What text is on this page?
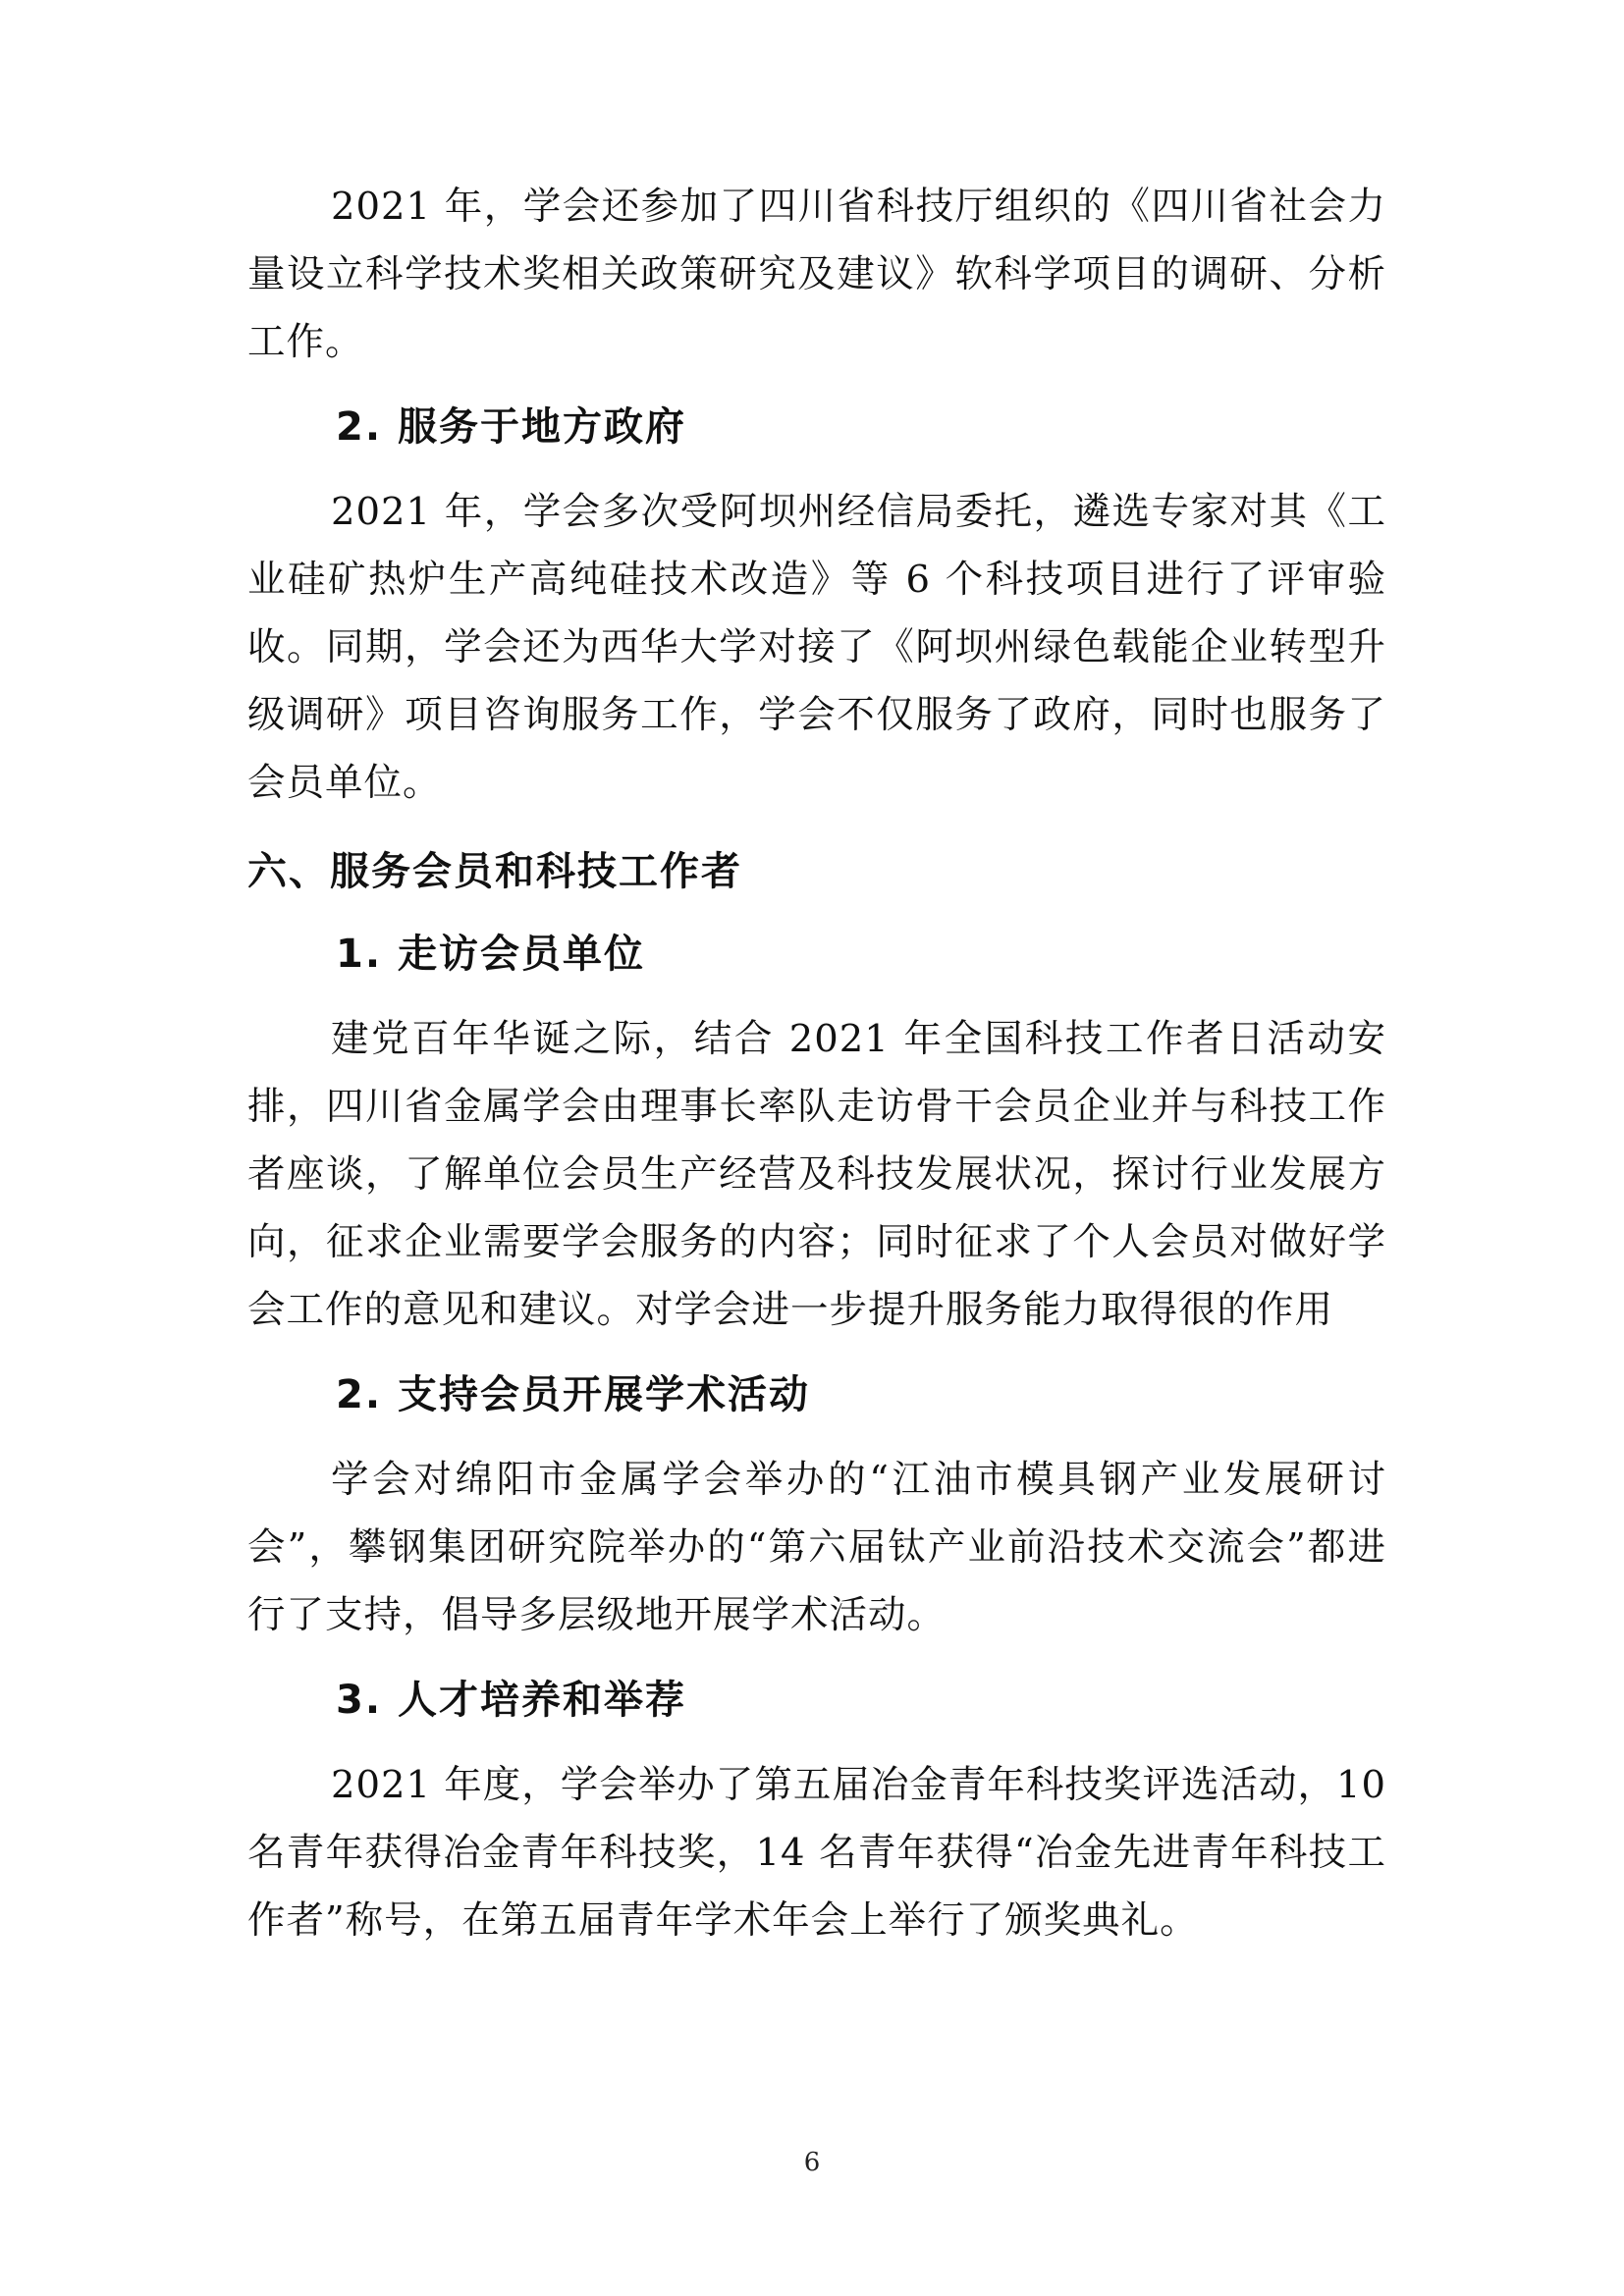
2021 年，学会还参加了四川省科技厅组织的《四川省社会力量设立科学技术奖相关政策研究及建议》软科学项目的调研、分析工作。

2. 服务于地方政府

2021 年，学会多次受阿坝州经信局委托，遴选专家对其《工业硅矿热炉生产高纯硅技术改造》等 6 个科技项目进行了评审验收。同期，学会还为西华大学对接了《阿坝州绿色载能企业转型升级调研》项目咨询服务工作，学会不仅服务了政府，同时也服务了会员单位。

六、服务会员和科技工作者
1. 走访会员单位

建党百年华诞之际，结合 2021 年全国科技工作者日活动安排，四川省金属学会由理事长率队走访骨干会员企业并与科技工作者座谈，了解单位会员生产经营及科技发展状况，探讨行业发展方向，征求企业需要学会服务的内容；同时征求了个人会员对做好学会工作的意见和建议。对学会进一步提升服务能力取得很的作用

2. 支持会员开展学术活动

学会对绵阳市金属学会举办的“江油市模具钢产业发展研讨会”，攀钢集团研究院举办的“第六届钛产业前沿技术交流会”都进行了支持，倡导多层级地开展学术活动。

3. 人才培养和举荐

2021 年度，学会举办了第五届冶金青年科技奖评选活动，10 名青年获得冶金青年科技奖，14 名青年获得“冶金先进青年科技工作者”称号，在第五届青年学术年会上举行了颁奖典礼。

6
